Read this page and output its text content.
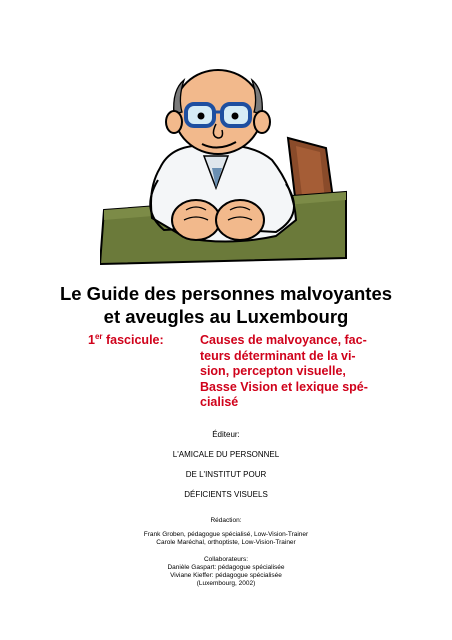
Le Guide des personnes malvoyantes
et aveugles au Luxembourg
1er fascicule:	Causes de malvoyance, fac-
teurs déterminant de la vi-
sion, percepton visuelle,
Basse Vision et lexique spé-
cialisé

Éditeur:

L'AMICALE DU PERSONNEL

DE L'INSTITUT POUR

DÉFICIENTS VISUELS

Rédaction:

Frank Groben, pédagogue spécialisé, Low-Vision-Trainer

Carole Maréchal, orthoptiste, Low-Vision-Trainer

Collaborateurs:

Danièle Gaspart: pédagogue spécialisée

Viviane Kieffer: pédagogue spécialisée

(Luxembourg, 2002)
